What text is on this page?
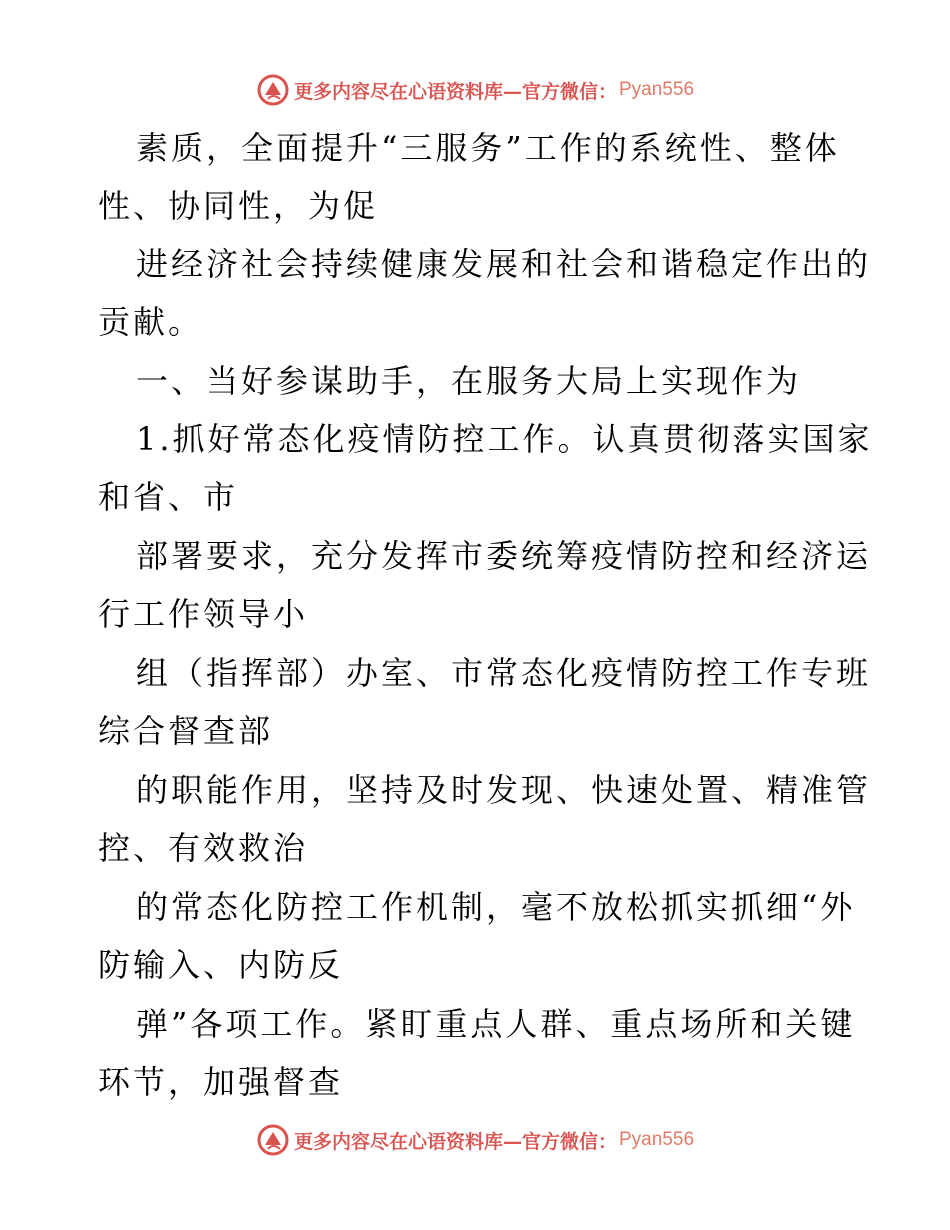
更多内容尽在心语资料库—官方微信： Pyan556
素质，全面提升“三服务”工作的系统性、整体
性、协同性，为促
进经济社会持续健康发展和社会和谐稳定作出的
贡献。
一、当好参谋助手，在服务大局上实现作为
1.抓好常态化疫情防控工作。认真贯彻落实国家
和省、市
部署要求，充分发挥市委统筹疫情防控和经济运
行工作领导小
组（指挥部）办室、市常态化疫情防控工作专班
综合督查部
的职能作用，坚持及时发现、快速处置、精准管
控、有效救治
的常态化防控工作机制，毫不放松抓实抓细“外
防输入、内防反
弹”各项工作。紧盯重点人群、重点场所和关键
环节，加强督查
更多内容尽在心语资料库—官方微信： Pyan556
